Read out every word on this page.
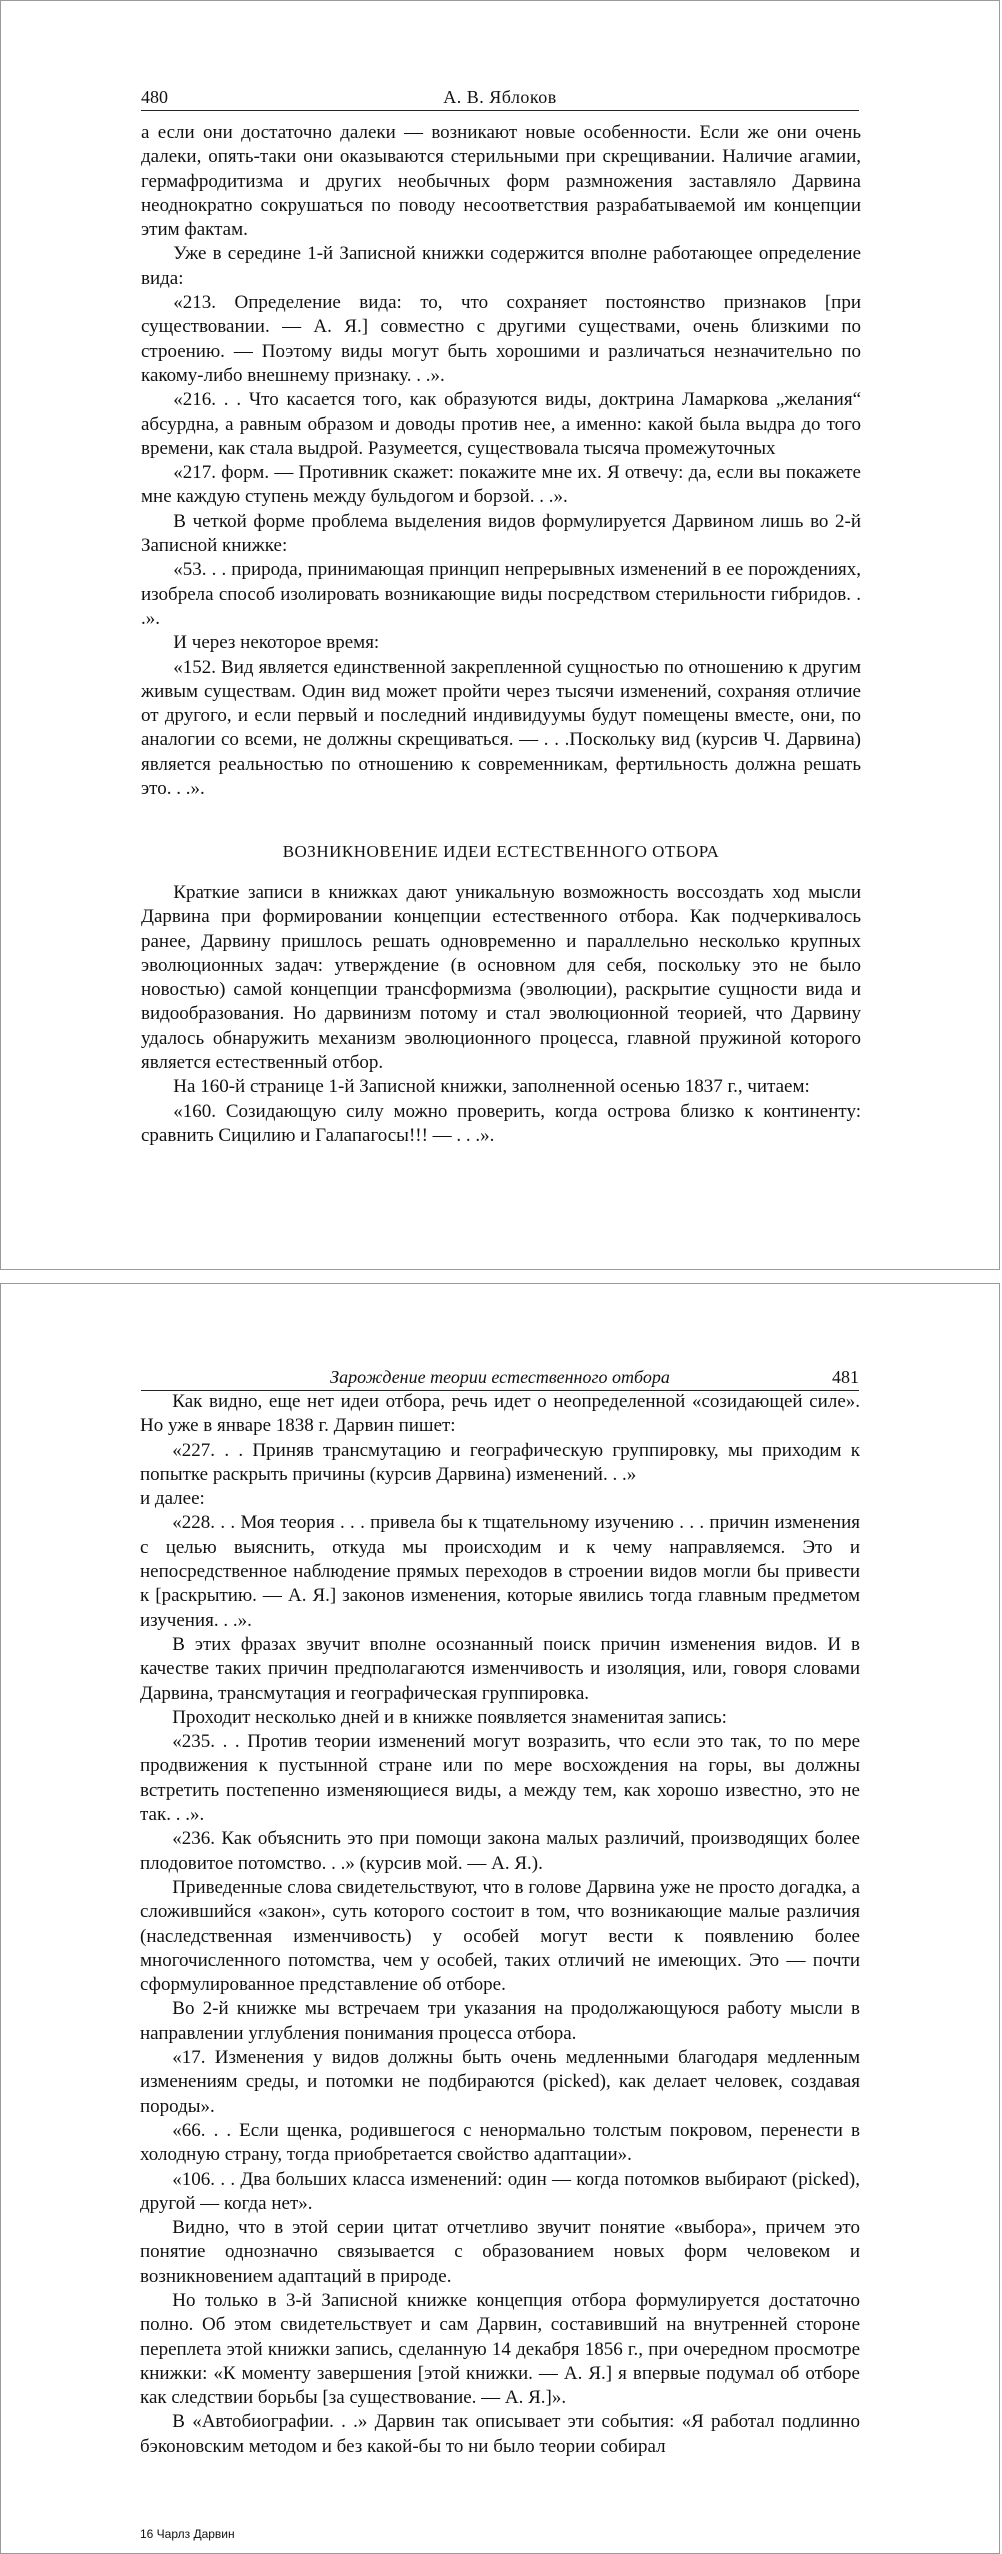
480	А. В. Яблоков

а если они достаточно далеки — возникают новые особенности. Если же они очень далеки, опять-таки они оказываются стерильными при скрещивании. Наличие агамии, гермафродитизма и других необычных форм размножения заставляло Дарвина неоднократно сокрушаться по поводу несоответствия разрабатываемой им концепции этим фактам.

Уже в середине 1-й Записной книжки содержится вполне работающее определение вида:

«213. Определение вида: то, что сохраняет постоянство признаков [при существовании. — А. Я.] совместно с другими существами, очень близкими по строению. — Поэтому виды могут быть хорошими и различаться незначительно по какому-либо внешнему признаку. . .».

«216. . . Что касается того, как образуются виды, доктрина Ламаркова „желания“ абсурдна, а равным образом и доводы против нее, а именно: какой была выдра до того времени, как стала выдрой. Разумеется, существовала тысяча промежуточных

«217. форм. — Противник скажет: покажите мне их. Я отвечу: да, если вы покажете мне каждую ступень между бульдогом и борзой. . .».

В четкой форме проблема выделения видов формулируется Дарвином лишь во 2-й Записной книжке:

«53. . . природа, принимающая принцип непрерывных изменений в ее порождениях, изобрела способ изолировать возникающие виды посредством стерильности гибридов. . .».

И через некоторое время:

«152. Вид является единственной закрепленной сущностью по отношению к другим живым существам. Один вид может пройти через тысячи изменений, сохраняя отличие от другого, и если первый и последний индивидуумы будут помещены вместе, они, по аналогии со всеми, не должны скрещиваться. — . . .Поскольку вид (курсив Ч. Дарвина) является реальностью по отношению к современникам, фертильность должна решать это. . .».

ВОЗНИКНОВЕНИЕ ИДЕИ ЕСТЕСТВЕННОГО ОТБОРА

Краткие записи в книжках дают уникальную возможность воссоздать ход мысли Дарвина при формировании концепции естественного отбора. Как подчеркивалось ранее, Дарвину пришлось решать одновременно и параллельно несколько крупных эволюционных задач: утверждение (в основном для себя, поскольку это не было новостью) самой концепции трансформизма (эволюции), раскрытие сущности вида и видообразования. Но дарвинизм потому и стал эволюционной теорией, что Дарвину удалось обнаружить механизм эволюционного процесса, главной пружиной которого является естественный отбор.

На 160-й странице 1-й Записной книжки, заполненной осенью 1837 г., читаем:

«160. Созидающую силу можно проверить, когда острова близко к континенту: сравнить Сицилию и Галапагосы!!! — . . .».

Зарождение теории естественного отбора	481

Как видно, еще нет идеи отбора, речь идет о неопределенной «созидающей силе». Но уже в январе 1838 г. Дарвин пишет:

«227. . . Приняв трансмутацию и географическую группировку, мы приходим к попытке раскрыть причины (курсив Дарвина) изменений. . .»

и далее:

«228. . . Моя теория . . . привела бы к тщательному изучению . . . причин изменения с целью выяснить, откуда мы происходим и к чему направляемся. Это и непосредственное наблюдение прямых переходов в строении видов могли бы привести к [раскрытию. — А. Я.] законов изменения, которые явились тогда главным предметом изучения. . .».

В этих фразах звучит вполне осознанный поиск причин изменения видов. И в качестве таких причин предполагаются изменчивость и изоляция, или, говоря словами Дарвина, трансмутация и географическая группировка.

Проходит несколько дней и в книжке появляется знаменитая запись:

«235. . . Против теории изменений могут возразить, что если это так, то по мере продвижения к пустынной стране или по мере восхождения на горы, вы должны встретить постепенно изменяющиеся виды, а между тем, как хорошо известно, это не так. . .».

«236. Как объяснить это при помощи закона малых различий, производящих более плодовитое потомство. . .» (курсив мой. — А. Я.).

Приведенные слова свидетельствуют, что в голове Дарвина уже не просто догадка, а сложившийся «закон», суть которого состоит в том, что возникающие малые различия (наследственная изменчивость) у особей могут вести к появлению более многочисленного потомства, чем у особей, таких отличий не имеющих. Это — почти сформулированное представление об отборе.

Во 2-й книжке мы встречаем три указания на продолжающуюся работу мысли в направлении углубления понимания процесса отбора.

«17. Изменения у видов должны быть очень медленными благодаря медленным изменениям среды, и потомки не подбираются (picked), как делает человек, создавая породы».

«66. . . Если щенка, родившегося с ненормально толстым покровом, перенести в холодную страну, тогда приобретается свойство адаптации».

«106. . . Два больших класса изменений: один — когда потомков выбирают (picked), другой — когда нет».

Видно, что в этой серии цитат отчетливо звучит понятие «выбора», причем это понятие однозначно связывается с образованием новых форм человеком и возникновением адаптаций в природе.

Но только в 3-й Записной книжке концепция отбора формулируется достаточно полно. Об этом свидетельствует и сам Дарвин, составивший на внутренней стороне переплета этой книжки запись, сделанную 14 декабря 1856 г., при очередном просмотре книжки: «К моменту завершения [этой книжки. — А. Я.] я впервые подумал об отборе как следствии борьбы [за существование. — А. Я.]».

В «Автобиографии. . .» Дарвин так описывает эти события: «Я работал подлинно бэконовским методом и без какой-бы то ни было теории собирал

16 Чарлз Дарвин
